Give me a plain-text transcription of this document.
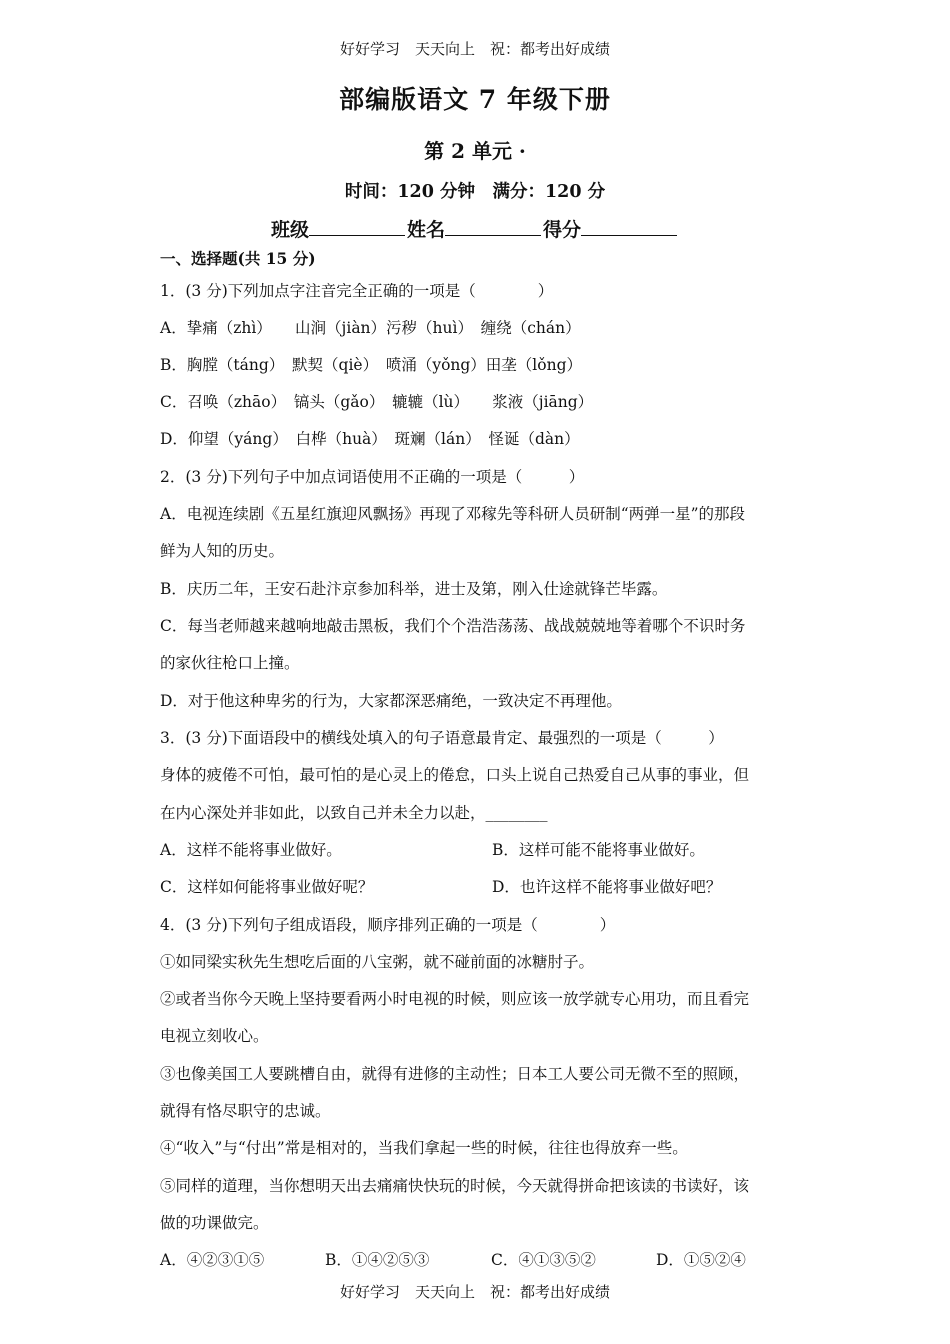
好好学习　天天向上　祝：都考出好成绩
部编版语文 7 年级下册
第 2 单元 ·
时间：120 分钟　满分：120 分
班级	姓名	得分
一、选择题(共 15 分)
1．(3 分)下列加点字注音完全正确的一项是（　　　　）
A．挚痛（zhì）　　山涧（jiàn）污秽（huì）　缠绕（chán）
B．胸膛（táng）　默契（qiè）　喷涌（yǒng）田垄（lǒng）
C．召唤（zhāo）　镐头（gǎo）　辘辘（lù）　　浆液（jiāng）
D．仰望（yáng）　白桦（huà）　斑斓（lán）　怪诞（dàn）
2．(3 分)下列句子中加点词语使用不正确的一项是（　　　）
A．电视连续剧《五星红旗迎风飘扬》再现了邓稼先等科研人员研制“两弹一星”的那段
鲜为人知的历史。
B．庆历二年，王安石赴汴京参加科举，进士及第，刚入仕途就锋芒毕露。
C．每当老师越来越响地敲击黑板，我们个个浩浩荡荡、战战兢兢地等着哪个不识时务
的家伙往枪口上撞。
D．对于他这种卑劣的行为，大家都深恶痛绝，一致决定不再理他。
3．(3 分)下面语段中的横线处填入的句子语意最肯定、最强烈的一项是（　　　）
身体的疲倦不可怕，最可怕的是心灵上的倦怠，口头上说自己热爱自己从事的事业，但
在内心深处并非如此，以致自己并未全力以赴，________
A．这样不能将事业做好。	B．这样可能不能将事业做好。
C．这样如何能将事业做好呢？	D．也许这样不能将事业做好吧？
4．(3 分)下列句子组成语段，顺序排列正确的一项是（　　　　）
①如同梁实秋先生想吃后面的八宝粥，就不碰前面的冰糖肘子。
②或者当你今天晚上坚持要看两小时电视的时候，则应该一放学就专心用功，而且看完
电视立刻收心。
③也像美国工人要跳槽自由，就得有进修的主动性；日本工人要公司无微不至的照顾，
就得有恪尽职守的忠诚。
④“收入”与“付出”常是相对的，当我们拿起一些的时候，往往也得放弃一些。
⑤同样的道理，当你想明天出去痛痛快快玩的时候，今天就得拼命把该读的书读好，该
做的功课做完。
A．④②③①⑤	B．①④②⑤③	C．④①③⑤②	D．①⑤②④
好好学习　天天向上　祝：都考出好成绩
